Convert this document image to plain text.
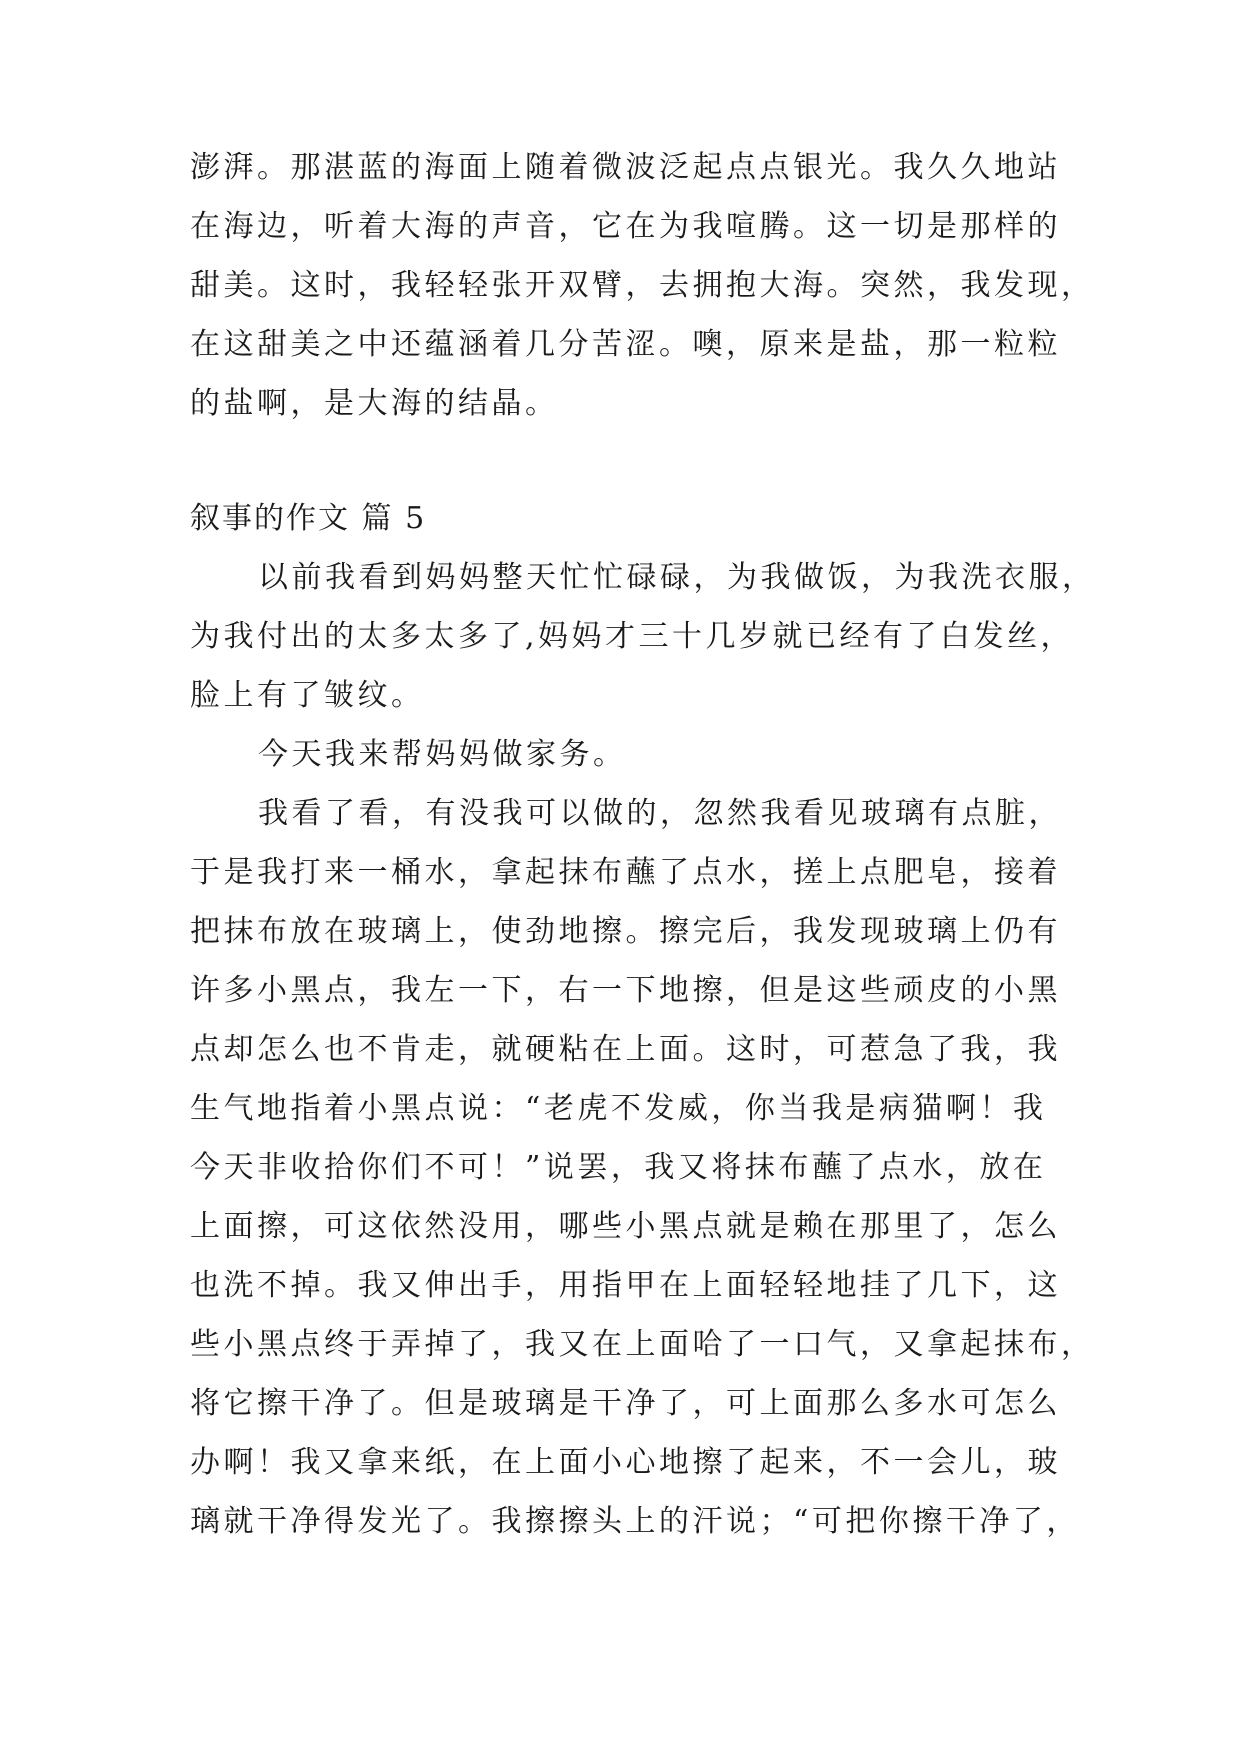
澎湃。那湛蓝的海面上随着微波泛起点点银光。我久久地站
在海边，听着大海的声音，它在为我喧腾。这一切是那样的
甜美。这时，我轻轻张开双臂，去拥抱大海。突然，我发现，
在这甜美之中还蕴涵着几分苦涩。噢，原来是盐，那一粒粒
的盐啊，是大海的结晶。
叙事的作文 篇 5
以前我看到妈妈整天忙忙碌碌，为我做饭，为我洗衣服，
为我付出的太多太多了,妈妈才三十几岁就已经有了白发丝，
脸上有了皱纹。
今天我来帮妈妈做家务。
我看了看，有没我可以做的，忽然我看见玻璃有点脏，
于是我打来一桶水，拿起抹布蘸了点水，搓上点肥皂，接着
把抹布放在玻璃上，使劲地擦。擦完后，我发现玻璃上仍有
许多小黑点，我左一下，右一下地擦，但是这些顽皮的小黑
点却怎么也不肯走，就硬粘在上面。这时，可惹急了我，我
生气地指着小黑点说：“老虎不发威，你当我是病猫啊！我
今天非收拾你们不可！”说罢，我又将抹布蘸了点水，放在
上面擦，可这依然没用，哪些小黑点就是赖在那里了，怎么
也洗不掉。我又伸出手，用指甲在上面轻轻地挂了几下，这
些小黑点终于弄掉了，我又在上面哈了一口气，又拿起抹布，
将它擦干净了。但是玻璃是干净了，可上面那么多水可怎么
办啊！我又拿来纸，在上面小心地擦了起来，不一会儿，玻
璃就干净得发光了。我擦擦头上的汗说；“可把你擦干净了，
